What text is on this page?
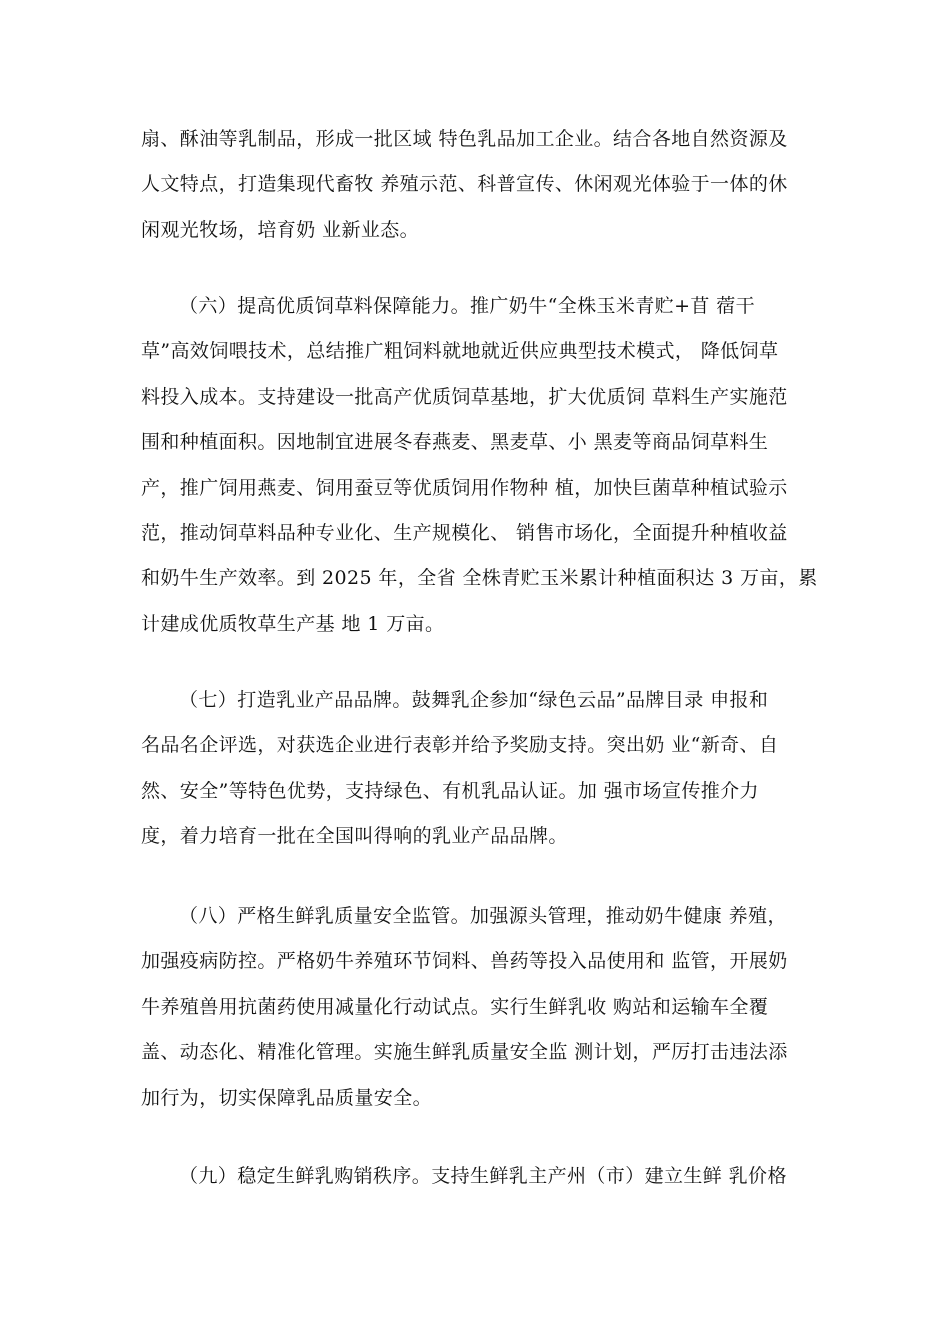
扇、酥油等乳制品，形成一批区域 特色乳品加工企业。结合各地自然资源及
人文特点，打造集现代畜牧 养殖示范、科普宣传、休闲观光体验于一体的休
闲观光牧场，培育奶 业新业态。
（六）提高优质饲草料保障能力。推广奶牛“全株玉米青贮+苜 蓿干
草”高效饲喂技术，总结推广粗饲料就地就近供应典型技术模式， 降低饲草
料投入成本。支持建设一批高产优质饲草基地，扩大优质饲 草料生产实施范
围和种植面积。因地制宜进展冬春燕麦、黑麦草、小 黑麦等商品饲草料生
产，推广饲用燕麦、饲用蚕豆等优质饲用作物种 植，加快巨菌草种植试验示
范，推动饲草料品种专业化、生产规模化、 销售市场化，全面提升种植收益
和奶牛生产效率。到 2025 年，全省 全株青贮玉米累计种植面积达 3 万亩，累
计建成优质牧草生产基 地 1 万亩。
（七）打造乳业产品品牌。鼓舞乳企参加“绿色云品”品牌目录 申报和
名品名企评选，对获选企业进行表彰并给予奖励支持。突出奶 业“新奇、自
然、安全”等特色优势，支持绿色、有机乳品认证。加 强市场宣传推介力
度，着力培育一批在全国叫得响的乳业产品品牌。
（八）严格生鲜乳质量安全监管。加强源头管理，推动奶牛健康 养殖，
加强疫病防控。严格奶牛养殖环节饲料、兽药等投入品使用和 监管，开展奶
牛养殖兽用抗菌药使用减量化行动试点。实行生鲜乳收 购站和运输车全覆
盖、动态化、精准化管理。实施生鲜乳质量安全监 测计划，严厉打击违法添
加行为，切实保障乳品质量安全。
（九）稳定生鲜乳购销秩序。支持生鲜乳主产州（市）建立生鲜 乳价格
